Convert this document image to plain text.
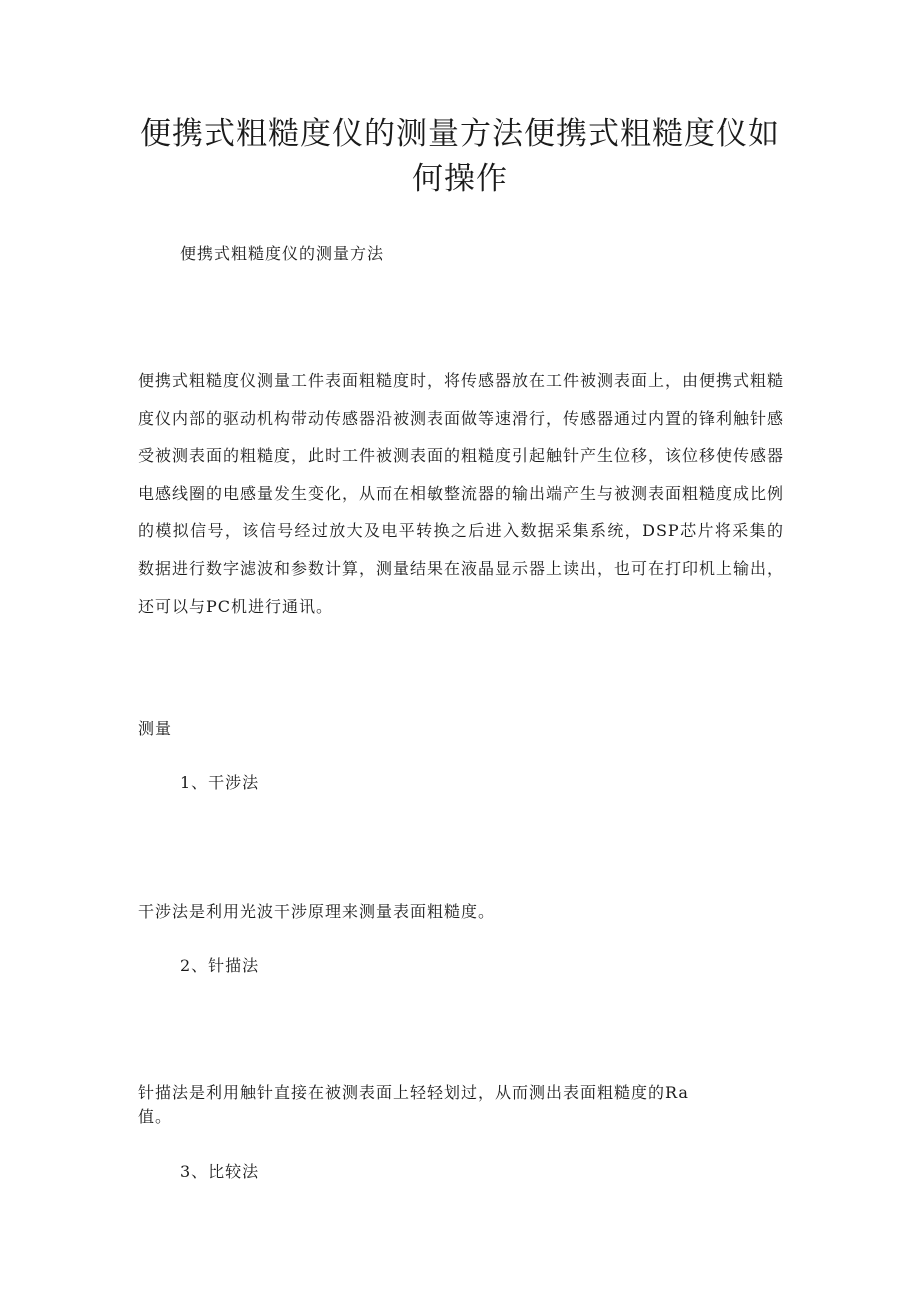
便携式粗糙度仪的测量方法便携式粗糙度仪如何操作

便携式粗糙度仪的测量方法

便携式粗糙度仪测量工件表面粗糙度时，将传感器放在工件被测表面上，由便携式粗糙度仪内部的驱动机构带动传感器沿被测表面做等速滑行，传感器通过内置的锋利触针感受被测表面的粗糙度，此时工件被测表面的粗糙度引起触针产生位移，该位移使传感器电感线圈的电感量发生变化，从而在相敏整流器的输出端产生与被测表面粗糙度成比例的模拟信号，该信号经过放大及电平转换之后进入数据采集系统，DSP芯片将采集的数据进行数字滤波和参数计算，测量结果在液晶显示器上读出，也可在打印机上输出，还可以与PC机进行通讯。

测量

1、干涉法

干涉法是利用光波干涉原理来测量表面粗糙度。

2、针描法

针描法是利用触针直接在被测表面上轻轻划过，从而测出表面粗糙度的Ra值。

3、比较法
